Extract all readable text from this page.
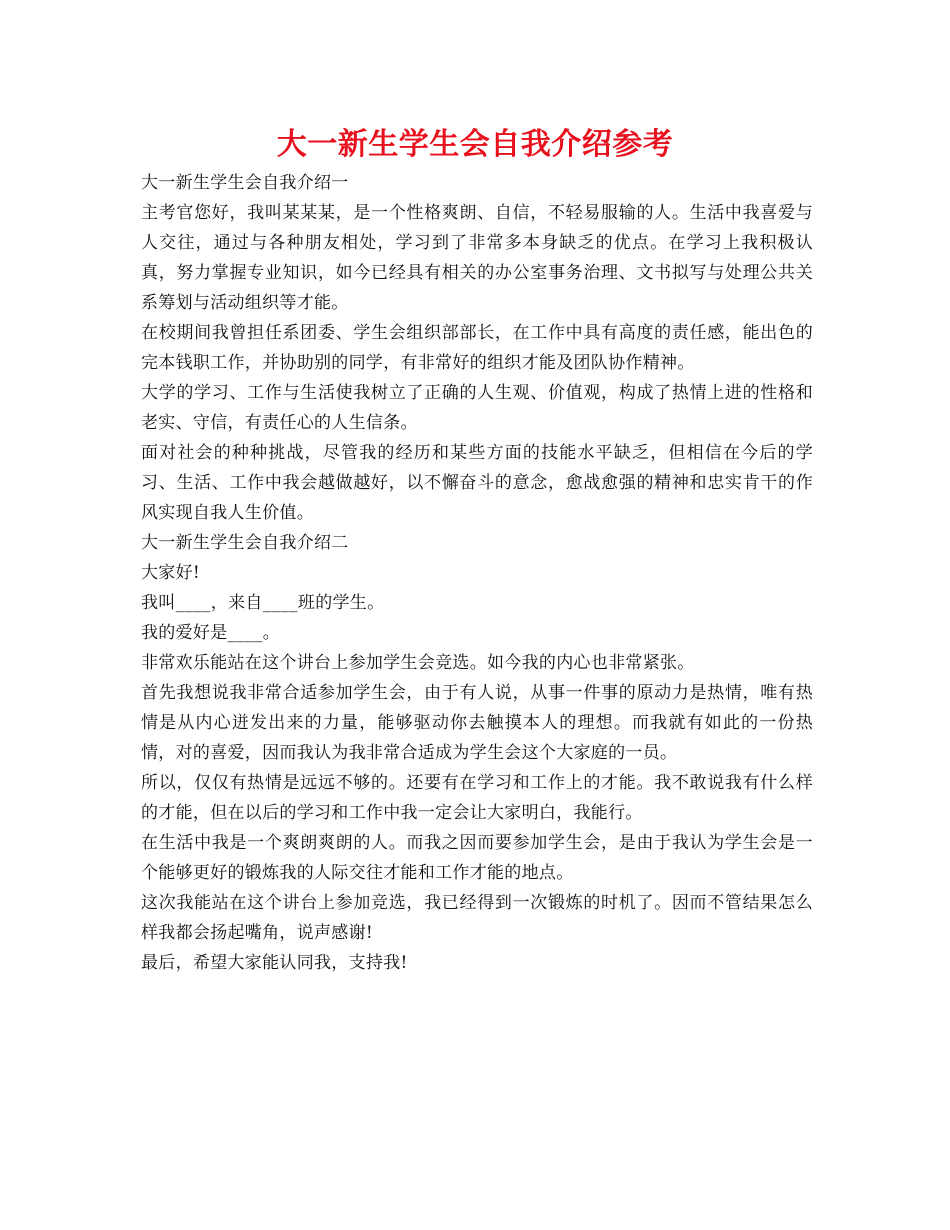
大一新生学生会自我介绍参考

大一新生学生会自我介绍一

主考官您好，我叫某某某，是一个性格爽朗、自信，不轻易服输的人。生活中我喜爱与人交往，通过与各种朋友相处，学习到了非常多本身缺乏的优点。在学习上我积极认真，努力掌握专业知识，如今已经具有相关的办公室事务治理、文书拟写与处理公共关系筹划与活动组织等才能。

在校期间我曾担任系团委、学生会组织部部长，在工作中具有高度的责任感，能出色的完本钱职工作，并协助别的同学，有非常好的组织才能及团队协作精神。

大学的学习、工作与生活使我树立了正确的人生观、价值观，构成了热情上进的性格和老实、守信，有责任心的人生信条。

面对社会的种种挑战，尽管我的经历和某些方面的技能水平缺乏，但相信在今后的学习、生活、工作中我会越做越好，以不懈奋斗的意念，愈战愈强的精神和忠实肯干的作风实现自我人生价值。

大一新生学生会自我介绍二

大家好!

我叫____，来自____班的学生。

我的爱好是____。

非常欢乐能站在这个讲台上参加学生会竞选。如今我的内心也非常紧张。

首先我想说我非常合适参加学生会，由于有人说，从事一件事的原动力是热情，唯有热情是从内心迸发出来的力量，能够驱动你去触摸本人的理想。而我就有如此的一份热情，对的喜爱，因而我认为我非常合适成为学生会这个大家庭的一员。

所以，仅仅有热情是远远不够的。还要有在学习和工作上的才能。我不敢说我有什么样的才能，但在以后的学习和工作中我一定会让大家明白，我能行。

在生活中我是一个爽朗爽朗的人。而我之因而要参加学生会，是由于我认为学生会是一个能够更好的锻炼我的人际交往才能和工作才能的地点。

这次我能站在这个讲台上参加竞选，我已经得到一次锻炼的时机了。因而不管结果怎么样我都会扬起嘴角，说声感谢!

最后，希望大家能认同我，支持我!
